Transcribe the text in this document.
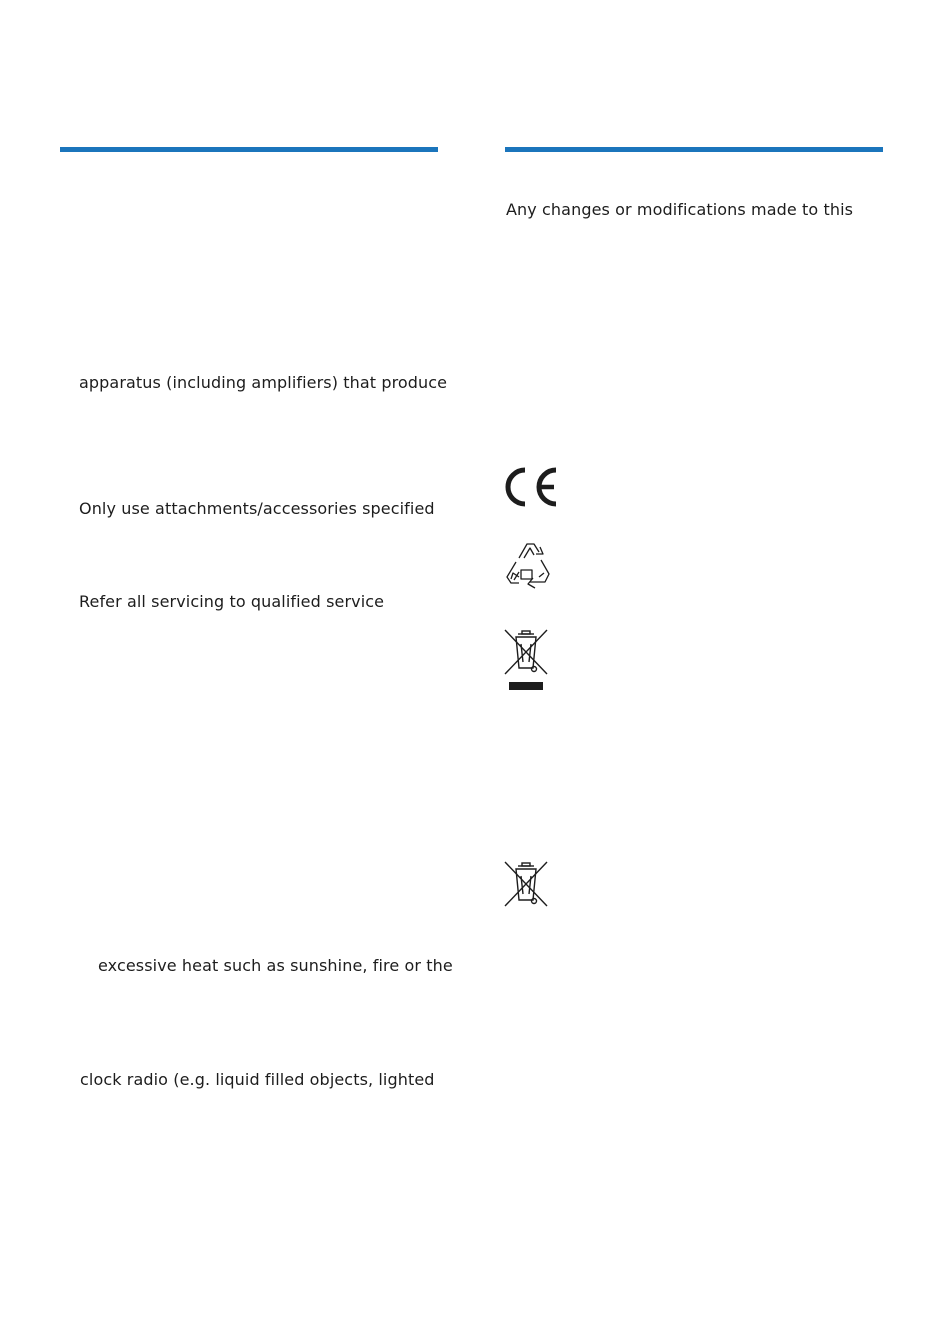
apparatus (including amplifiers) that produce
Only use attachments/accessories specified
Refer all servicing to qualified service
excessive heat such as sunshine, fire or the
clock radio (e.g. liquid filled objects, lighted
Any changes or modifications made to this
